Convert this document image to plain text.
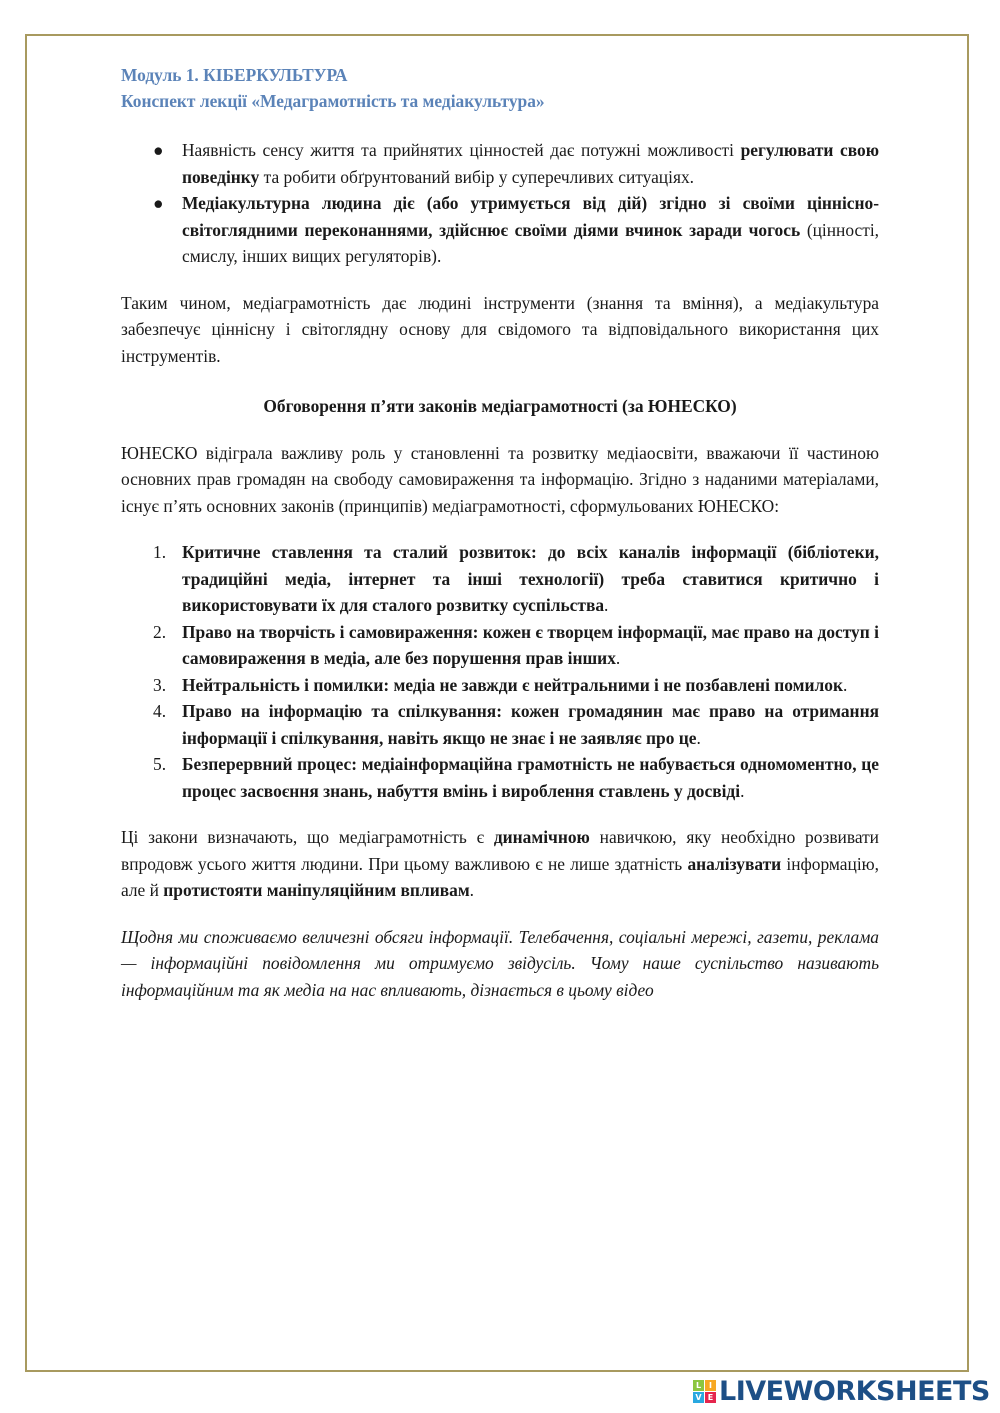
Модуль 1. КІБЕРКУЛЬТУРА
Конспект лекції «Медаграмотність та медіакультура»
● Наявність сенсу життя та прийнятих цінностей дає потужні можливості регулювати свою поведінку та робити обґрунтований вибір у суперечливих ситуаціях.
● Медіакультурна людина діє (або утримується від дій) згідно зі своїми ціннісно-світоглядними переконаннями, здійснює своїми діями вчинок заради чогось (цінності, смислу, інших вищих регуляторів).

Таким чином, медіаграмотність дає людині інструменти (знання та вміння), а медіакультура забезпечує ціннісну і світоглядну основу для свідомого та відповідального використання цих інструментів.

Обговорення п’яти законів медіаграмотності (за ЮНЕСКО)

ЮНЕСКО відіграла важливу роль у становленні та розвитку медіаосвіти, вважаючи її частиною основних прав громадян на свободу самовираження та інформацію. Згідно з наданими матеріалами, існує п’ять основних законів (принципів) медіаграмотності, сформульованих ЮНЕСКО:

1. Критичне ставлення та сталий розвиток: до всіх каналів інформації (бібліотеки, традиційні медіа, інтернет та інші технології) треба ставитися критично і використовувати їх для сталого розвитку суспільства.
2. Право на творчість і самовираження: кожен є творцем інформації, має право на доступ і самовираження в медіа, але без порушення прав інших.
3. Нейтральність і помилки: медіа не завжди є нейтральними і не позбавлені помилок.
4. Право на інформацію та спілкування: кожен громадянин має право на отримання інформації і спілкування, навіть якщо не знає і не заявляє про це.
5. Безперервний процес: медіаінформаційна грамотність не набувається одномоментно, це процес засвоєння знань, набуття вмінь і вироблення ставлень у досвіді.

Ці закони визначають, що медіаграмотність є динамічною навичкою, яку необхідно розвивати впродовж усього життя людини. При цьому важливою є не лише здатність аналізувати інформацію, але й протистояти маніпуляційним впливам.

Щодня ми споживаємо величезні обсяги інформації. Телебачення, соціальні мережі, газети, реклама — інформаційні повідомлення ми отримуємо звідусіль. Чому наше суспільство називають інформаційним та як медіа на нас впливають, дізнається в цьому відео

L I
V E LIVEWORKSHEETS
